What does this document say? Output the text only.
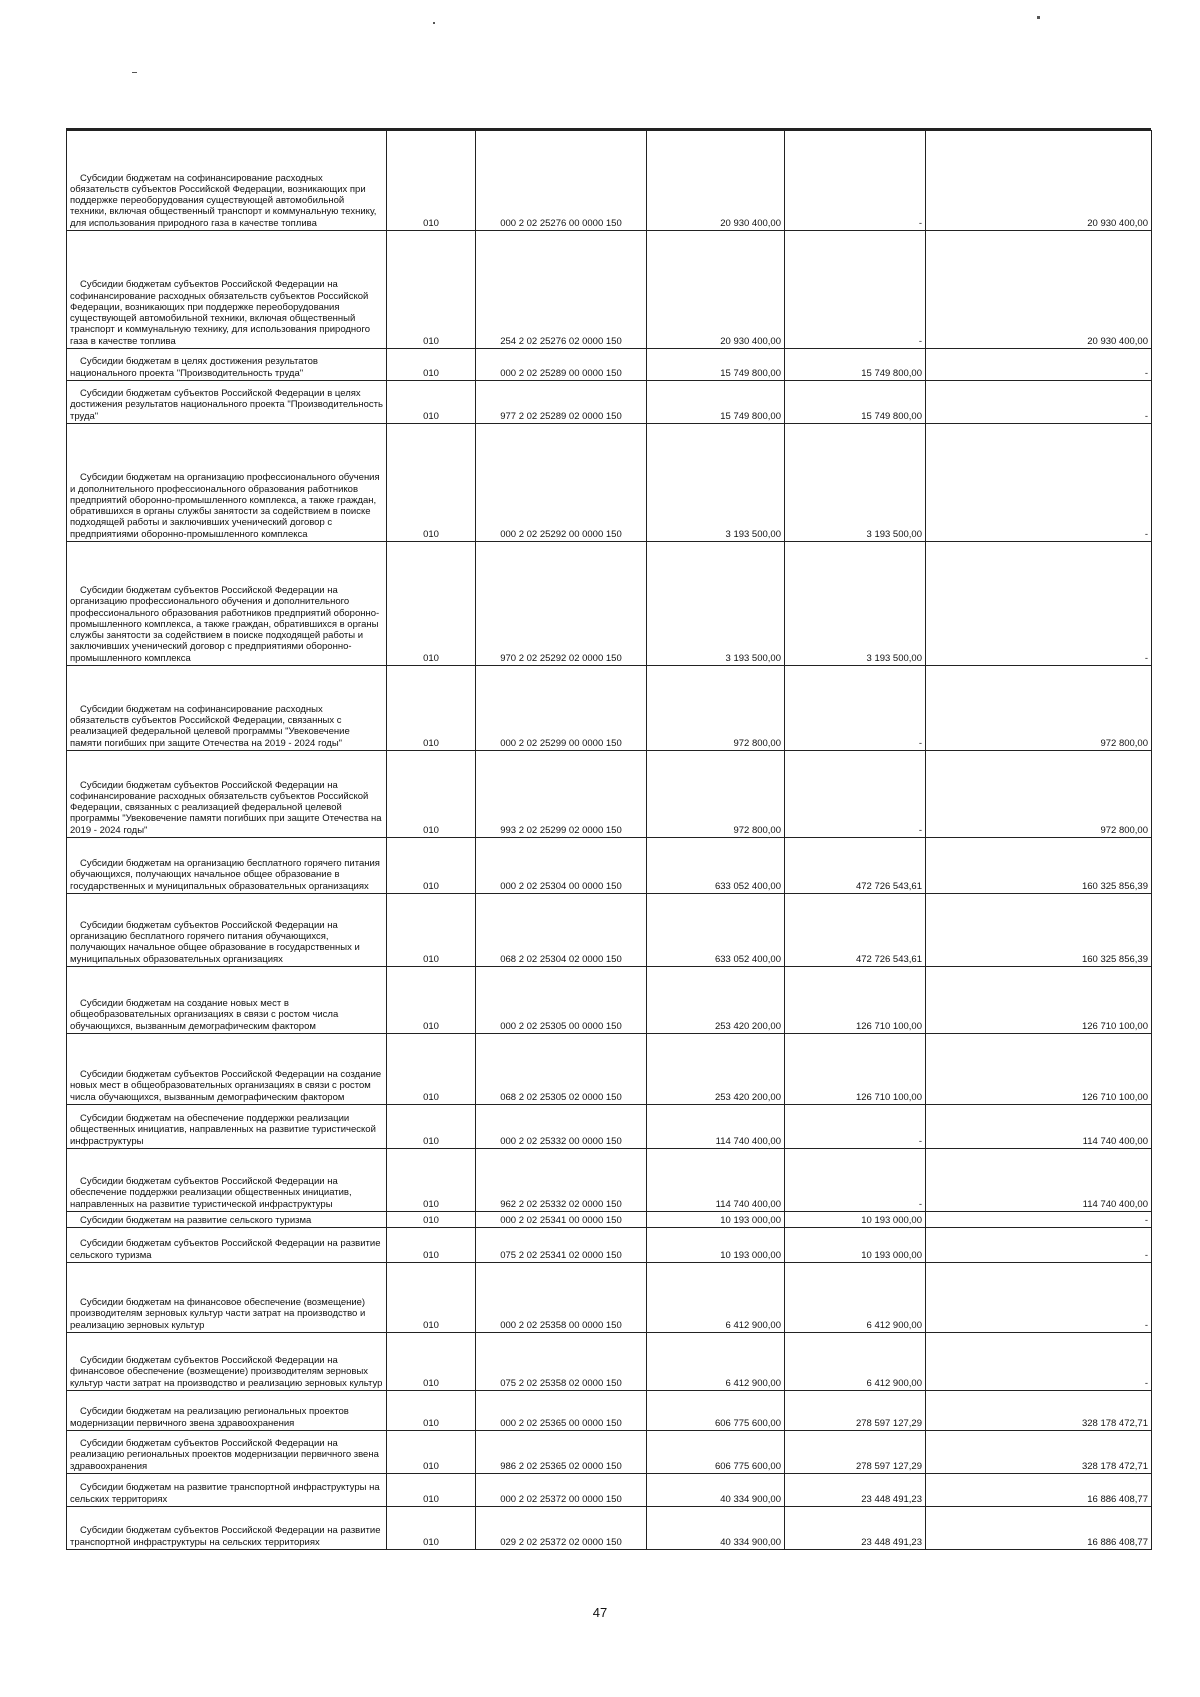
Субсидии бюджетам на софинансирование расходных обязательств субъектов Российской Федерации, возникающих при поддержке переоборудования существующей автомобильной техники, включая общественный транспорт и коммунальную технику, для использования природного газа в качестве топлива	010	000 2 02 25276 00 0000 150	20 930 400,00	-	20 930 400,00
Субсидии бюджетам субъектов Российской Федерации на софинансирование расходных обязательств субъектов Российской Федерации, возникающих при поддержке переоборудования существующей автомобильной техники, включая общественный транспорт и коммунальную технику, для использования природного газа в качестве топлива	010	254 2 02 25276 02 0000 150	20 930 400,00	-	20 930 400,00
Субсидии бюджетам в целях достижения результатов национального проекта "Производительность труда"	010	000 2 02 25289 00 0000 150	15 749 800,00	15 749 800,00	-
Субсидии бюджетам субъектов Российской Федерации в целях достижения результатов национального проекта "Производительность труда"	010	977 2 02 25289 02 0000 150	15 749 800,00	15 749 800,00	-
Субсидии бюджетам на организацию профессионального обучения и дополнительного профессионального образования работников предприятий оборонно-промышленного комплекса, а также граждан, обратившихся в органы службы занятости за содействием в поиске подходящей работы и заключивших ученический договор с предприятиями оборонно-промышленного комплекса	010	000 2 02 25292 00 0000 150	3 193 500,00	3 193 500,00	-
Субсидии бюджетам субъектов Российской Федерации на организацию профессионального обучения и дополнительного профессионального образования работников предприятий оборонно-промышленного комплекса, а также граждан, обратившихся в органы службы занятости за содействием в поиске подходящей работы и заключивших ученический договор с предприятиями оборонно-промышленного комплекса	010	970 2 02 25292 02 0000 150	3 193 500,00	3 193 500,00	-
Субсидии бюджетам на софинансирование расходных обязательств субъектов Российской Федерации, связанных с реализацией федеральной целевой программы "Увековечение памяти погибших при защите Отечества на 2019 - 2024 годы"	010	000 2 02 25299 00 0000 150	972 800,00	-	972 800,00
Субсидии бюджетам субъектов Российской Федерации на софинансирование расходных обязательств субъектов Российской Федерации, связанных с реализацией федеральной целевой программы "Увековечение памяти погибших при защите Отечества на 2019 - 2024 годы"	010	993 2 02 25299 02 0000 150	972 800,00	-	972 800,00
Субсидии бюджетам на организацию бесплатного горячего питания обучающихся, получающих начальное общее образование в государственных и муниципальных образовательных организациях	010	000 2 02 25304 00 0000 150	633 052 400,00	472 726 543,61	160 325 856,39
Субсидии бюджетам субъектов Российской Федерации на организацию бесплатного горячего питания обучающихся, получающих начальное общее образование в государственных и муниципальных образовательных организациях	010	068 2 02 25304 02 0000 150	633 052 400,00	472 726 543,61	160 325 856,39
Субсидии бюджетам на создание новых мест в общеобразовательных организациях в связи с ростом числа обучающихся, вызванным демографическим фактором	010	000 2 02 25305 00 0000 150	253 420 200,00	126 710 100,00	126 710 100,00
Субсидии бюджетам субъектов Российской Федерации на создание новых мест в общеобразовательных организациях в связи с ростом числа обучающихся, вызванным демографическим фактором	010	068 2 02 25305 02 0000 150	253 420 200,00	126 710 100,00	126 710 100,00
Субсидии бюджетам на обеспечение поддержки реализации общественных инициатив, направленных на развитие туристической инфраструктуры	010	000 2 02 25332 00 0000 150	114 740 400,00	-	114 740 400,00
Субсидии бюджетам субъектов Российской Федерации на обеспечение поддержки реализации общественных инициатив, направленных на развитие туристической инфраструктуры	010	962 2 02 25332 02 0000 150	114 740 400,00	-	114 740 400,00
Субсидии бюджетам на развитие сельского туризма	010	000 2 02 25341 00 0000 150	10 193 000,00	10 193 000,00	-
Субсидии бюджетам субъектов Российской Федерации на развитие сельского туризма	010	075 2 02 25341 02 0000 150	10 193 000,00	10 193 000,00	-
Субсидии бюджетам на финансовое обеспечение (возмещение) производителям зерновых культур части затрат на производство и реализацию зерновых культур	010	000 2 02 25358 00 0000 150	6 412 900,00	6 412 900,00	-
Субсидии бюджетам субъектов Российской Федерации на финансовое обеспечение (возмещение) производителям зерновых культур части затрат на производство и реализацию зерновых культур	010	075 2 02 25358 02 0000 150	6 412 900,00	6 412 900,00	-
Субсидии бюджетам на реализацию региональных проектов модернизации первичного звена здравоохранения	010	000 2 02 25365 00 0000 150	606 775 600,00	278 597 127,29	328 178 472,71
Субсидии бюджетам субъектов Российской Федерации на реализацию региональных проектов модернизации первичного звена здравоохранения	010	986 2 02 25365 02 0000 150	606 775 600,00	278 597 127,29	328 178 472,71
Субсидии бюджетам на развитие транспортной инфраструктуры на сельских территориях	010	000 2 02 25372 00 0000 150	40 334 900,00	23 448 491,23	16 886 408,77
Субсидии бюджетам субъектов Российской Федерации на развитие транспортной инфраструктуры на сельских территориях	010	029 2 02 25372 02 0000 150	40 334 900,00	23 448 491,23	16 886 408,77
47
